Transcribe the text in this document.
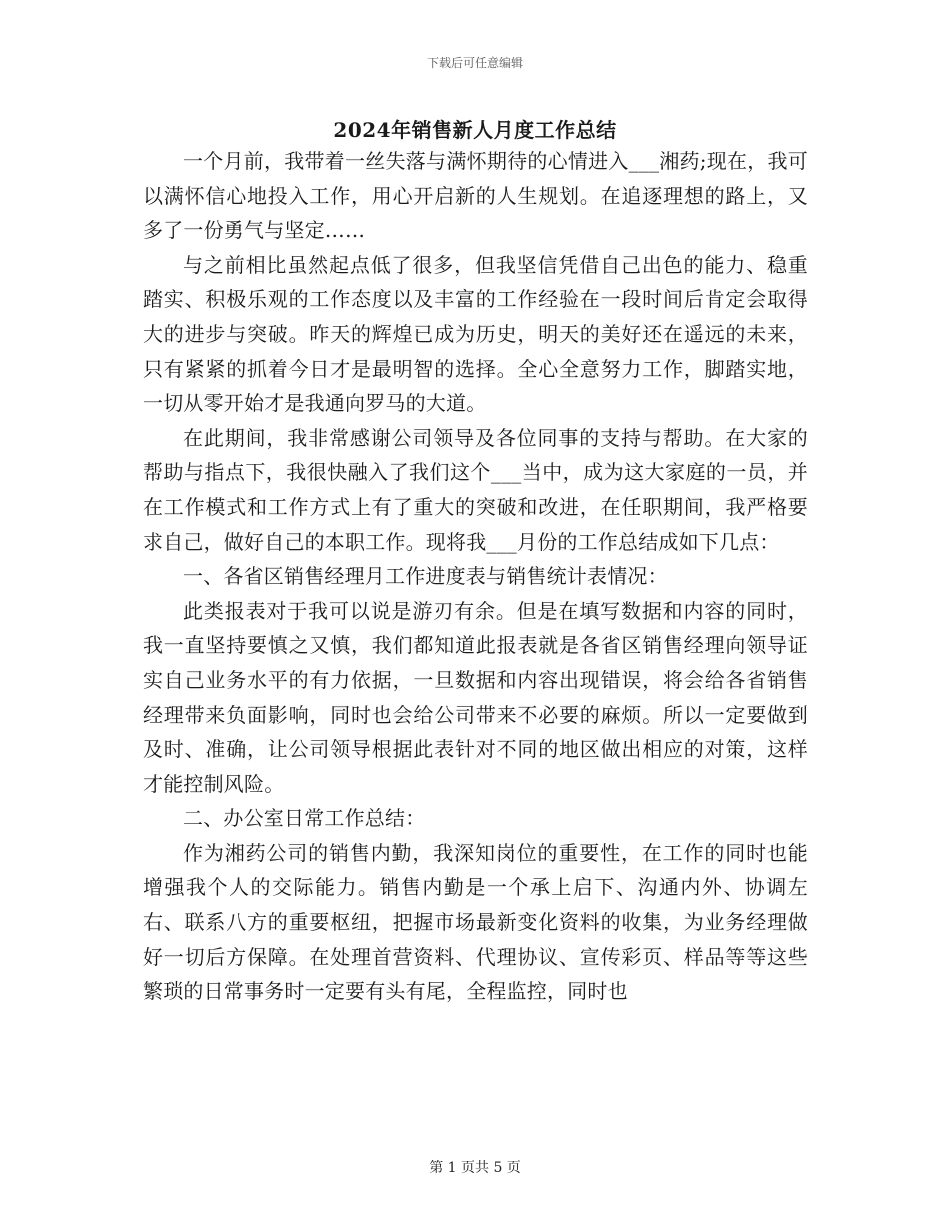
下载后可任意编辑
2024年销售新人月度工作总结

一个月前，我带着一丝失落与满怀期待的心情进入___湘药;现在，我可以满怀信心地投入工作，用心开启新的人生规划。在追逐理想的路上，又多了一份勇气与坚定……

与之前相比虽然起点低了很多，但我坚信凭借自己出色的能力、稳重踏实、积极乐观的工作态度以及丰富的工作经验在一段时间后肯定会取得大的进步与突破。昨天的辉煌已成为历史，明天的美好还在遥远的未来，只有紧紧的抓着今日才是最明智的选择。全心全意努力工作，脚踏实地，一切从零开始才是我通向罗马的大道。

在此期间，我非常感谢公司领导及各位同事的支持与帮助。在大家的帮助与指点下，我很快融入了我们这个___当中，成为这大家庭的一员，并在工作模式和工作方式上有了重大的突破和改进，在任职期间，我严格要求自己，做好自己的本职工作。现将我___月份的工作总结成如下几点：

一、各省区销售经理月工作进度表与销售统计表情况：

此类报表对于我可以说是游刃有余。但是在填写数据和内容的同时，我一直坚持要慎之又慎，我们都知道此报表就是各省区销售经理向领导证实自己业务水平的有力依据，一旦数据和内容出现错误，将会给各省销售经理带来负面影响，同时也会给公司带来不必要的麻烦。所以一定要做到及时、准确，让公司领导根据此表针对不同的地区做出相应的对策，这样才能控制风险。

二、办公室日常工作总结：

作为湘药公司的销售内勤，我深知岗位的重要性，在工作的同时也能增强我个人的交际能力。销售内勤是一个承上启下、沟通内外、协调左右、联系八方的重要枢纽，把握市场最新变化资料的收集，为业务经理做好一切后方保障。在处理首营资料、代理协议、宣传彩页、样品等等这些繁琐的日常事务时一定要有头有尾，全程监控，同时也

第 1 页共 5 页
